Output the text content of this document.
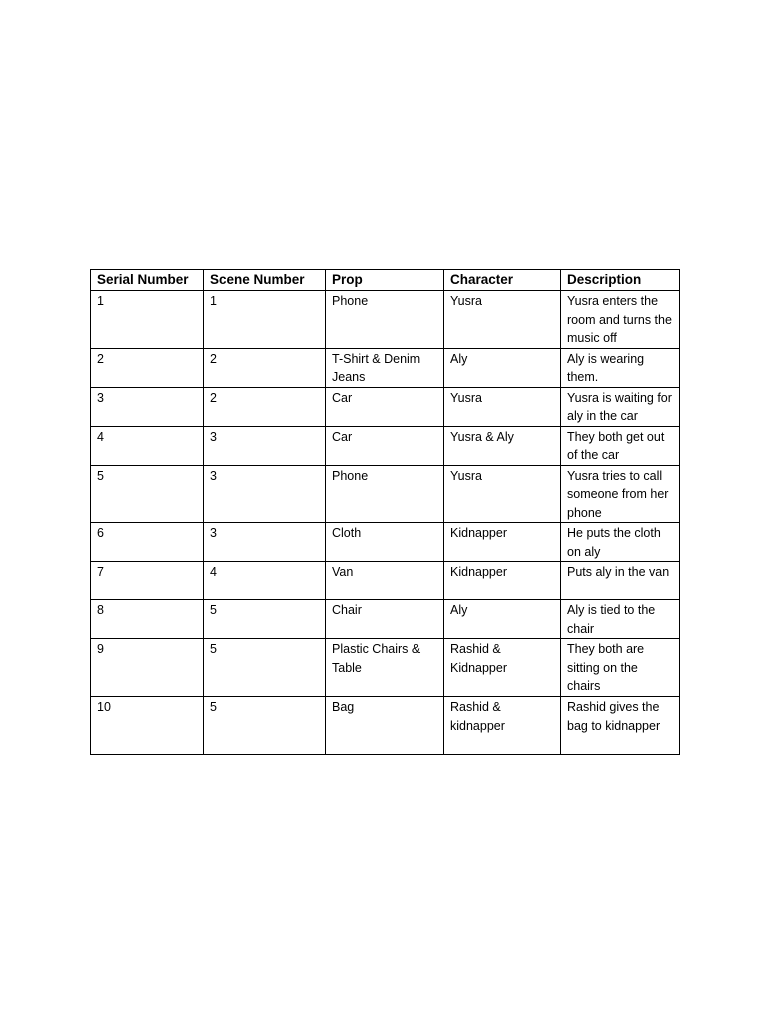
Serial Number	Scene Number	Prop	Character	Description
1	1	Phone	Yusra	Yusra enters the room and turns the music off
2	2	T-Shirt & Denim Jeans	Aly	Aly is wearing them.
3	2	Car	Yusra	Yusra is waiting for aly in the car
4	3	Car	Yusra & Aly	They both get out of the car
5	3	Phone	Yusra	Yusra tries to call someone from her phone
6	3	Cloth	Kidnapper	He puts the cloth on aly
7	4	Van	Kidnapper	Puts aly in the van
8	5	Chair	Aly	Aly is tied to the chair
9	5	Plastic Chairs & Table	Rashid & Kidnapper	They both are sitting on the chairs
10	5	Bag	Rashid & kidnapper	Rashid gives the bag to kidnapper
